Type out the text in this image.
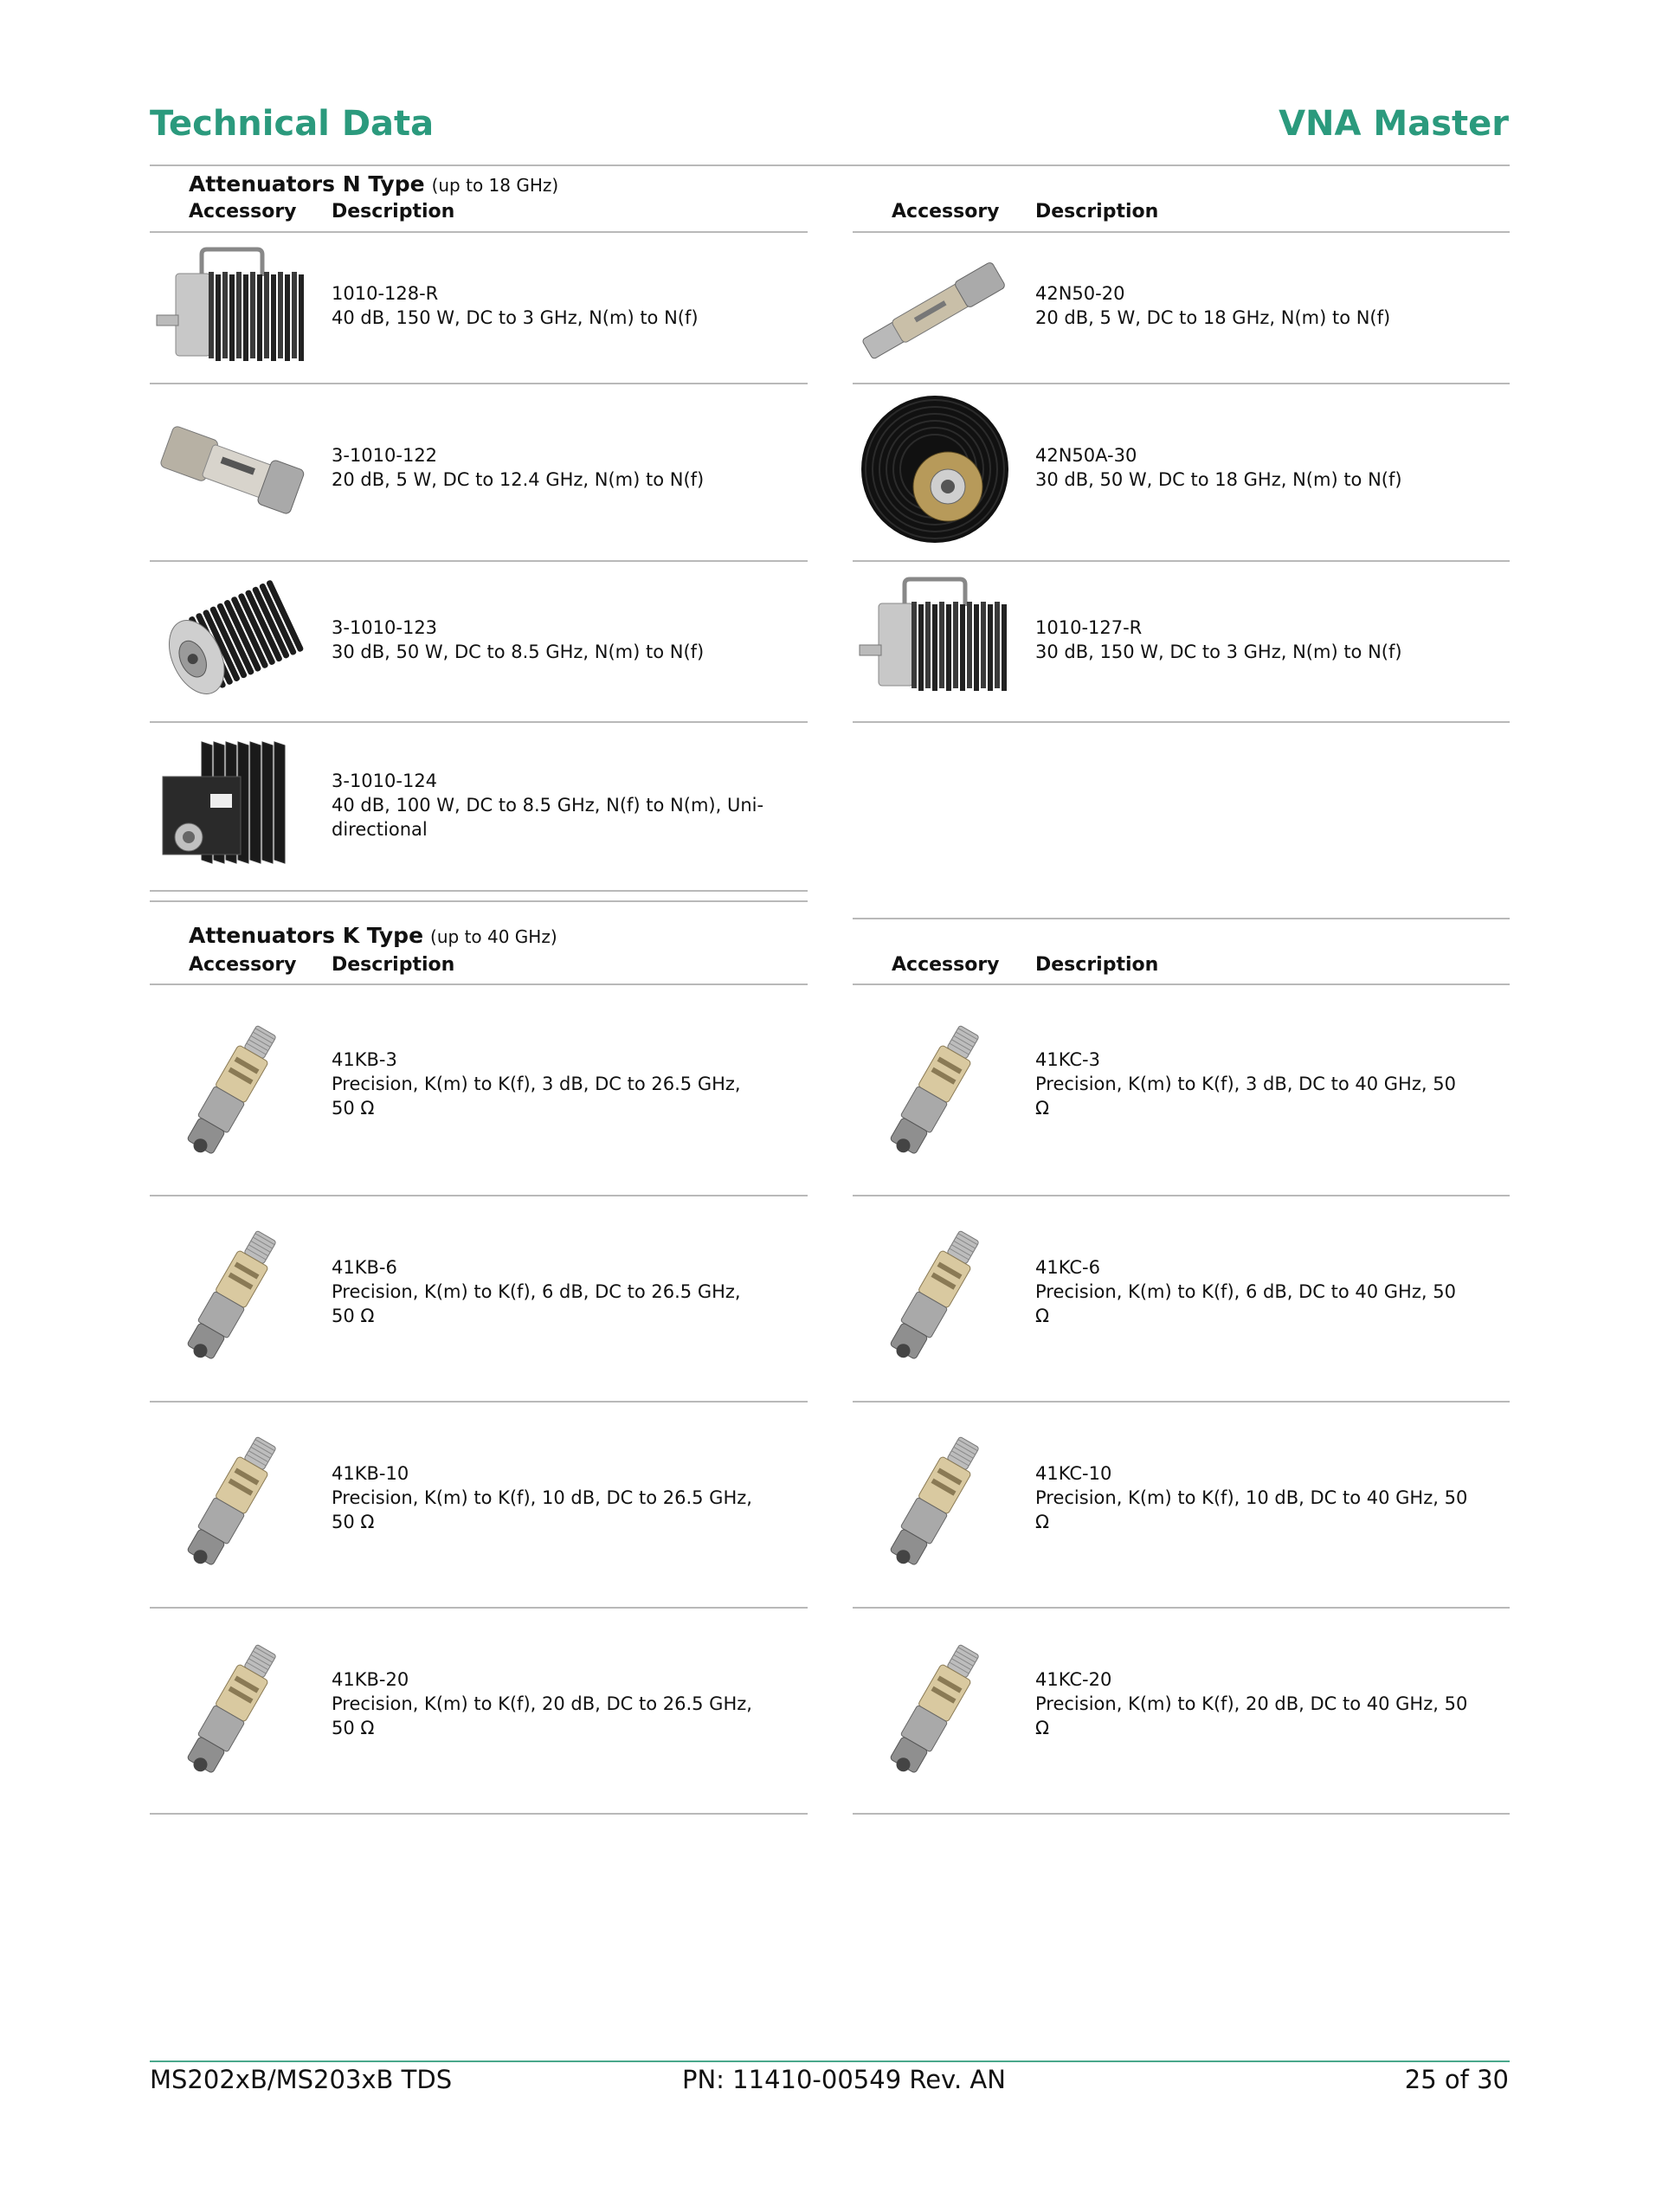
Technical Data	VNA Master
Attenuators N Type (up to 18 GHz)
Accessory Description	Accessory Description
1010-128-R
40 dB, 150 W, DC to 3 GHz, N(m) to N(f)
3-1010-122
20 dB, 5 W, DC to 12.4 GHz, N(m) to N(f)
3-1010-123
30 dB, 50 W, DC to 8.5 GHz, N(m) to N(f)
3-1010-124
40 dB, 100 W, DC to 8.5 GHz, N(f) to N(m), Uni-directional
42N50-20
20 dB, 5 W, DC to 18 GHz, N(m) to N(f)
42N50A-30
30 dB, 50 W, DC to 18 GHz, N(m) to N(f)
1010-127-R
30 dB, 150 W, DC to 3 GHz, N(m) to N(f)
Attenuators K Type (up to 40 GHz)
Accessory Description	Accessory Description
41KB-3
Precision, K(m) to K(f), 3 dB, DC to 26.5 GHz, 50 Ω
41KB-6
Precision, K(m) to K(f), 6 dB, DC to 26.5 GHz, 50 Ω
41KB-10
Precision, K(m) to K(f), 10 dB, DC to 26.5 GHz, 50 Ω
41KB-20
Precision, K(m) to K(f), 20 dB, DC to 26.5 GHz, 50 Ω
41KC-3
Precision, K(m) to K(f), 3 dB, DC to 40 GHz, 50 Ω
41KC-6
Precision, K(m) to K(f), 6 dB, DC to 40 GHz, 50 Ω
41KC-10
Precision, K(m) to K(f), 10 dB, DC to 40 GHz, 50 Ω
41KC-20
Precision, K(m) to K(f), 20 dB, DC to 40 GHz, 50 Ω
MS202xB/MS203xB TDS	PN: 11410-00549 Rev. AN	25 of 30
